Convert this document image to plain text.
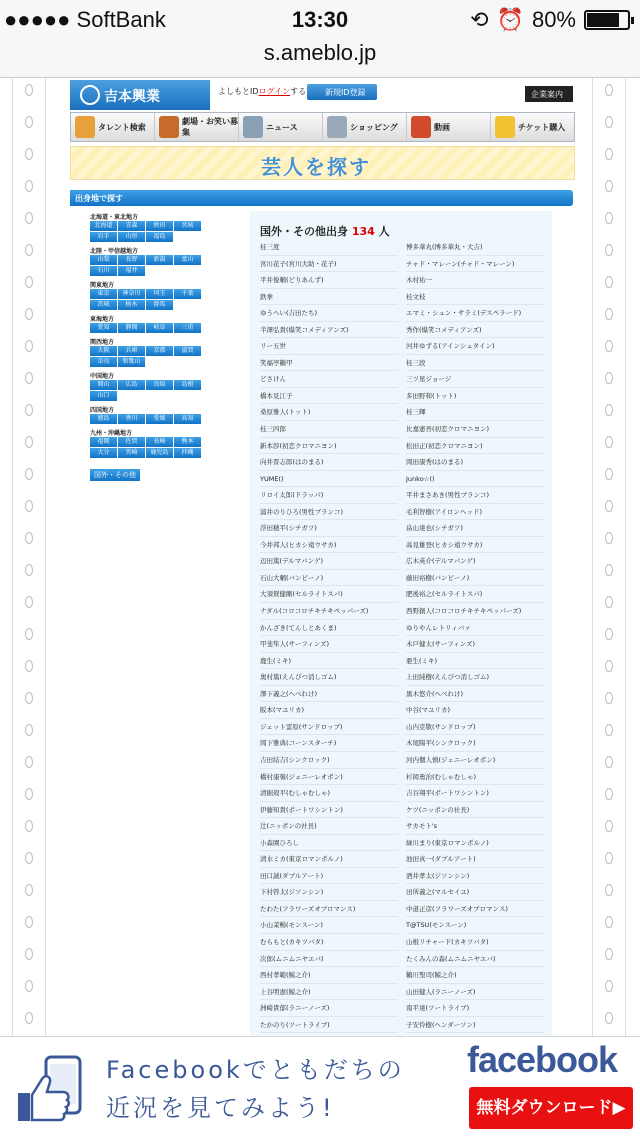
●●●●● SoftBank	13:30	⟲ ⏰ 80%
s.ameblo.jp
吉本興業	よしもとIDログインする	新規ID登録	企業案内
タレント検索
劇場・お笑い募集
ニュース	ショッピング	動画	チケット購入
芸人を探す
出身地で探す
北海道・東北地方
北海道	青森	秋田	宮城
岩手	山形	福島
北陸・甲信越地方
山梨	長野	新潟	富山
石川	福井
関東地方
東京	神奈川	埼玉	千葉
茨城	栃木	群馬
東海地方
愛知	静岡	岐阜	三重
関西地方
大阪	兵庫	京都	滋賀
奈良	和歌山
中国地方
岡山	広島	鳥取	島根
山口
四国地方
徳島	香川	愛媛	高知
九州・沖縄地方
福岡	佐賀	長崎	熊本
大分	宮崎	鹿児島	沖縄
国外・その他
国外・その他出身 134 人
桂三度	博多華丸(博多華丸・大吉)
宮川花子(宮川大助・花子)	チャド・マレーン(チャド・マレーン)
平井俊輔(どりあんず)	木村祐一
鉄拳	桂文枝
ゆうへい(吉田たち)	エマミ・シュン・サラミ(デスペラード)
半澤弘貴(爆笑コメディアンズ)	秀作(爆笑コメディアンズ)
リー五世	河井ゆずる(アインシュタイン)
笑福亭鶴甲	桂三段
どさけん	三ツ星ジョージ
橋本見江子	多田野和(トット)
桑原雅人(トット)	桂三輝
桂三四郎	比嘉憲吾(初恋クロマニヨン)
新本渉(初恋クロマニヨン)	松田正(初恋クロマニヨン)
向井晋志郎(はのまる)	岡田康秀(はのまる)
YUME()	Junko☆()
リロイ太郎(ドラッパ)	平井まさあき(男性ブランコ)
浦井のりひろ(男性ブランコ)	毛利智樹(アイロンヘッド)
浮田穂平(シチガツ)	畠山達也(シチガツ)
今井邦人(ヒカシ遠ウサカ)	高見雄登(ヒカシ遠ウサカ)
辺田篤(デルマパンゲ)	広木英介(デルマパンゲ)
石山大輔(バンビーノ)	藤田裕樹(バンビーノ)
大須賀健剛(セルライトスパ)	肥後裕之(セルライトスパ)
ナダル(コロコロチキチキペッパーズ)	西野創人(コロコロチキチキペッパーズ)
かんざき(てんしとあくま)	ゆりやんレトリィバァ
甲斐隼人(サーフィンズ)	木戸健太(サーフィンズ)
鹿生(ミキ)	亜生(ミキ)
奥村篤(えんぴつ消しゴム)	上田純樹(えんぴつ消しゴム)
澤下義之(へべれけ)	黒木悠介(へべれけ)
阪本(マユリカ)	中谷(マユリカ)
ジェット雲原(サンドロップ)	山内克敬(サンドロップ)
岡下雅典(コーンスターチ)	木尾陽平(シンクロック)
吉田結吉(シンクロック)	河内個人慎(ジェニーレオポン)
橋村康嶺(ジェニーレオポン)	杉岡勇治(むしゃむしゃ)
清掘殻平(むしゃむしゃ)	吉谷翔平(ポートワシントン)
伊藤知貴(ポートワシントン)	ケツ(ニッポンの社長)
辻(ニッポンの社長)	サカモト's
小森園ひろし	緑川まり(東京ロマンポルノ)
清水ミカ(東京ロマンポルノ)	池田真一(ダブルアート)
田口誠(ダブルアート)	酒井孝太(ジソンシン)
下村啓太(ジソンシン)	田所義之(マルセイユ)
たわた(フラワーズオブロマンス)	中道正彦(フラワーズオブロマンス)
小山茉暢(モンスーン)	T@TSU(モンスーン)
むらもと(カキツバタ)	山根リチャード(カキツバタ)
次郎(ムニムニヤエバ)	たくみんの森(ムニムニヤエバ)
西村孝範(鯨之介)	鶴川聖司(鯨之介)
上谷明憲(鯨之介)	山田健人(ラニーノーズ)
洲崎貴郁(ラニーノーズ)	南平達(ツートライブ)
たかのり(ツートライブ)	子安怜樹(ヘンダーソン)
Facebookでともだちの
近況を見てみよう!
facebook
無料ダウンロード▶
